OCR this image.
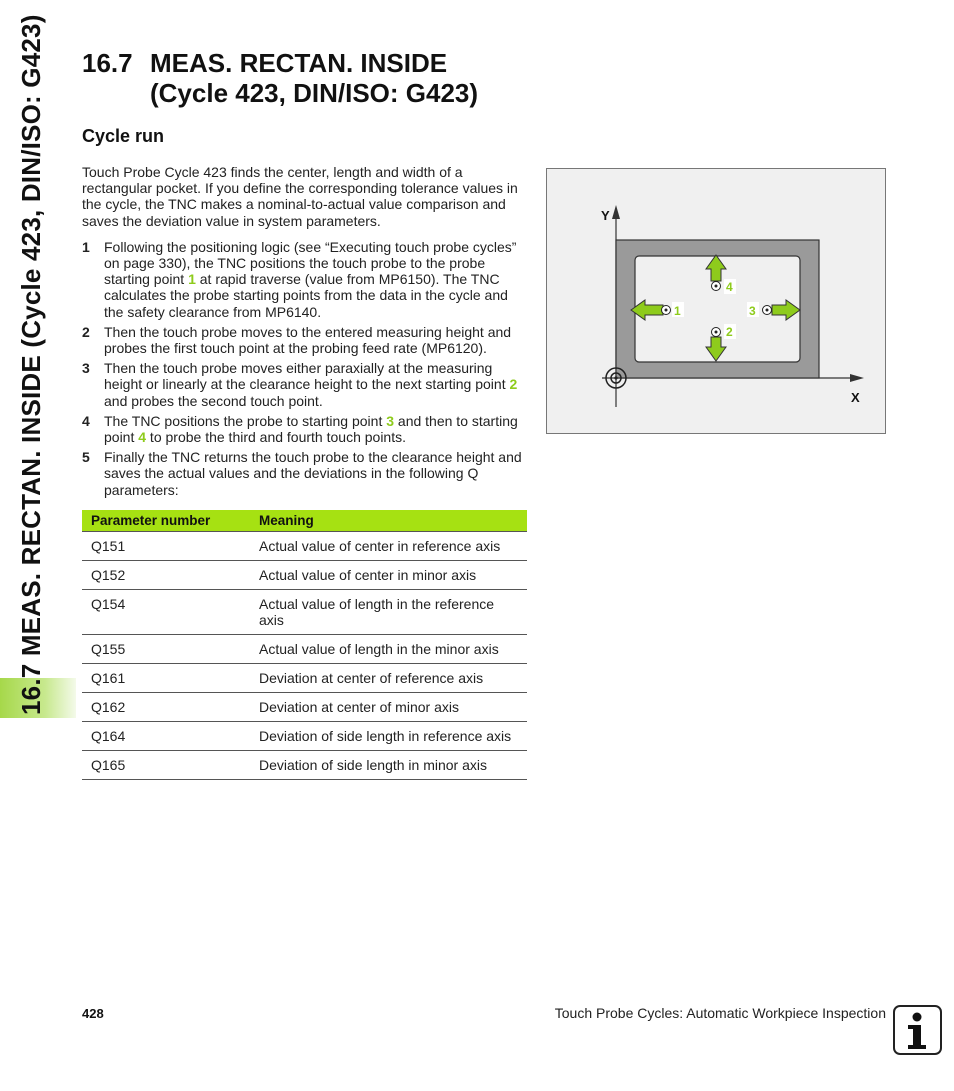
16.7 MEAS. RECTAN. INSIDE (Cycle 423, DIN/ISO: G423) 16.7 MEAS. RECTAN. INSIDE
(Cycle 423, DIN/ISO: G423)
Cycle run

Touch Probe Cycle 423 finds the center, length and width of a rectangular pocket. If you define the corresponding tolerance values in the cycle, the TNC makes a nominal-to-actual value comparison and saves the deviation value in system parameters.

1 Following the positioning logic (see “Executing touch probe cycles” on page 330), the TNC positions the touch probe to the probe starting point 1 at rapid traverse (value from MP6150). The TNC calculates the probe starting points from the data in the cycle and the safety clearance from MP6140.
2 Then the touch probe moves to the entered measuring height and probes the first touch point at the probing feed rate (MP6120).
3 Then the touch probe moves either paraxially at the measuring height or linearly at the clearance height to the next starting point 2 and probes the second touch point.
4 The TNC positions the probe to starting point 3 and then to starting point 4 to probe the third and fourth touch points.
5 Finally the TNC returns the touch probe to the clearance height and saves the actual values and the deviations in the following Q parameters:
Parameter number	Meaning
Q151	Actual value of center in reference axis
Q152	Actual value of center in minor axis
Q154	Actual value of length in the reference axis
Q155	Actual value of length in the minor axis
Q161	Deviation at center of reference axis
Q162	Deviation at center of minor axis
Q164	Deviation of side length in reference axis
Q165	Deviation of side length in minor axis
Y
X
1	3
4
2
428	Touch Probe Cycles: Automatic Workpiece Inspection
